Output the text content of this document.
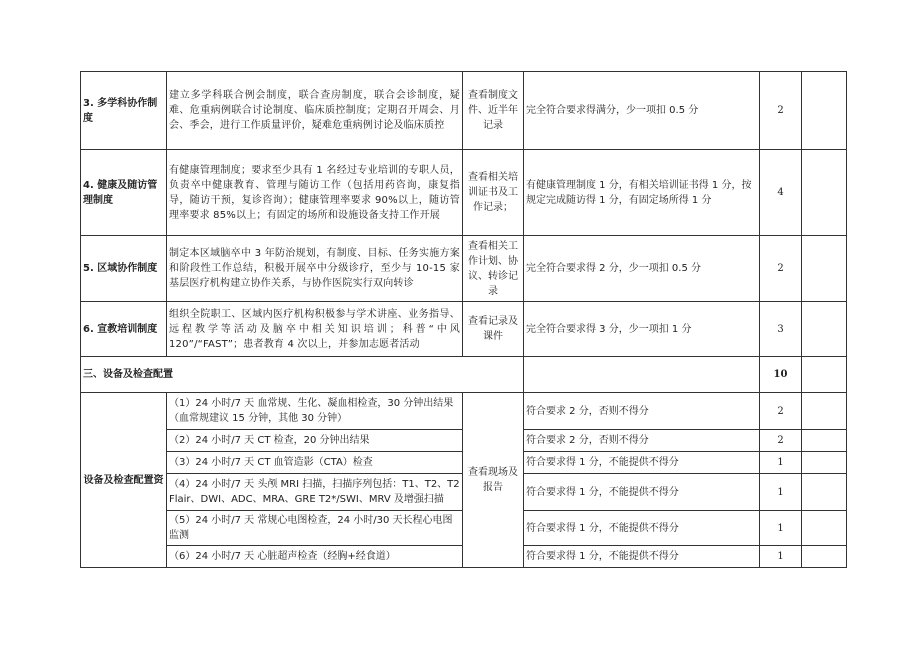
3. 多学科协作制度	建立多学科联合例会制度，联合查房制度，联合会诊制度，疑难、危重病例联合讨论制度、临床质控制度；定期召开周会、月会、季会，进行工作质量评价，疑难危重病例讨论及临床质控	查看制度文件、近半年记录	完全符合要求得满分，少一项扣 0.5 分	2	
4. 健康及随访管理制度	有健康管理制度；要求至少具有 1 名经过专业培训的专职人员， 负责卒中健康教育、管理与随访工作（包括用药咨询，康复指导，随访干预，复诊咨询）；健康管理率要求 90%以上，随访管理率要求 85%以上；有固定的场所和设施设备支持工作开展	查看相关培训证书及工作记录；	有健康管理制度 1 分，有相关培训证书得 1 分，按规定完成随访得 1 分，有固定场所得 1 分	4	
5. 区域协作制度	制定本区域脑卒中 3 年防治规划，有制度、目标、任务实施方案和阶段性工作总结，积极开展卒中分级诊疗，至少与 10-15 家基层医疗机构建立协作关系，与协作医院实行双向转诊	查看相关工作计划、协议、转诊记录	完全符合要求得 2 分，少一项扣 0.5 分	2	
6. 宣教培训制度	组织全院职工、区域内医疗机构积极参与学术讲座、业务指导、远程教学等活动及脑卒中相关知识培训；科普“中风 120”/“FAST”；患者教育 4 次以上，并参加志愿者活动	查看记录及课件	完全符合要求得 3 分，少一项扣 1 分	3	
三、设备及检查配置				10	
设备及检查配置资	（1）24 小时/7 天 血常规、生化、凝血相检查，30 分钟出结果（血常规建议 15 分钟，其他 30 分钟）	查看现场及报告	符合要求 2 分，否则不得分	2	
	（2）24 小时/7 天 CT 检查，20 分钟出结果		符合要求 2 分，否则不得分	2	
	（3）24 小时/7 天 CT 血管造影（CTA）检查		符合要求得 1 分，不能提供不得分	1	
	（4）24 小时/7 天 头颅 MRI 扫描，扫描序列包括：T1、T2、T2 Flair、DWI、ADC、MRA、GRE T2*/SWI、MRV 及增强扫描		符合要求得 1 分，不能提供不得分	1	
	（5）24 小时/7 天 常规心电图检查，24 小时/30 天长程心电图监测		符合要求得 1 分，不能提供不得分	1	
	（6）24 小时/7 天 心脏超声检查（经胸+经食道）		符合要求得 1 分，不能提供不得分	1	
